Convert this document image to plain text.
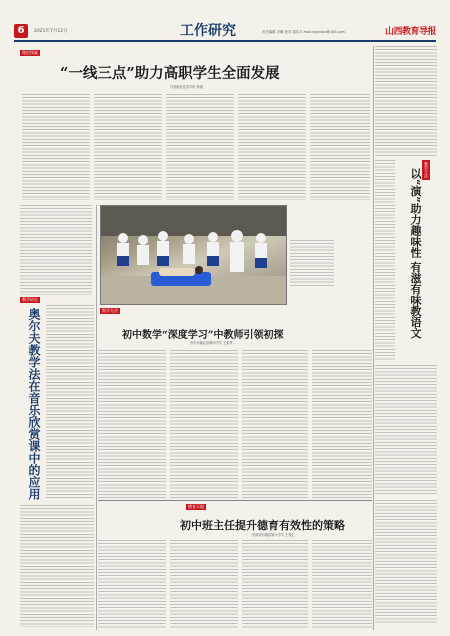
6	2021年7月12日	工作研究	责任编辑 冯珊 校对 周英 E-mail:sxjyxbzx@163.com	山西教育导报
理论探索
“一线三点”助力高职学生全面发展
吕梁职业技术学院 杨斌
教学方法
以“演”助力趣味性 有滋有味教语文
教学研究
奥尔夫教学法在音乐欣赏课中的应用	数学方法
初中数学“深度学习”中教师引领初探
晋中市榆社县第四中学 王素琴
德育天地
初中班主任提升德育有效性的策略
晋城市阳城县第六中学 王春生
